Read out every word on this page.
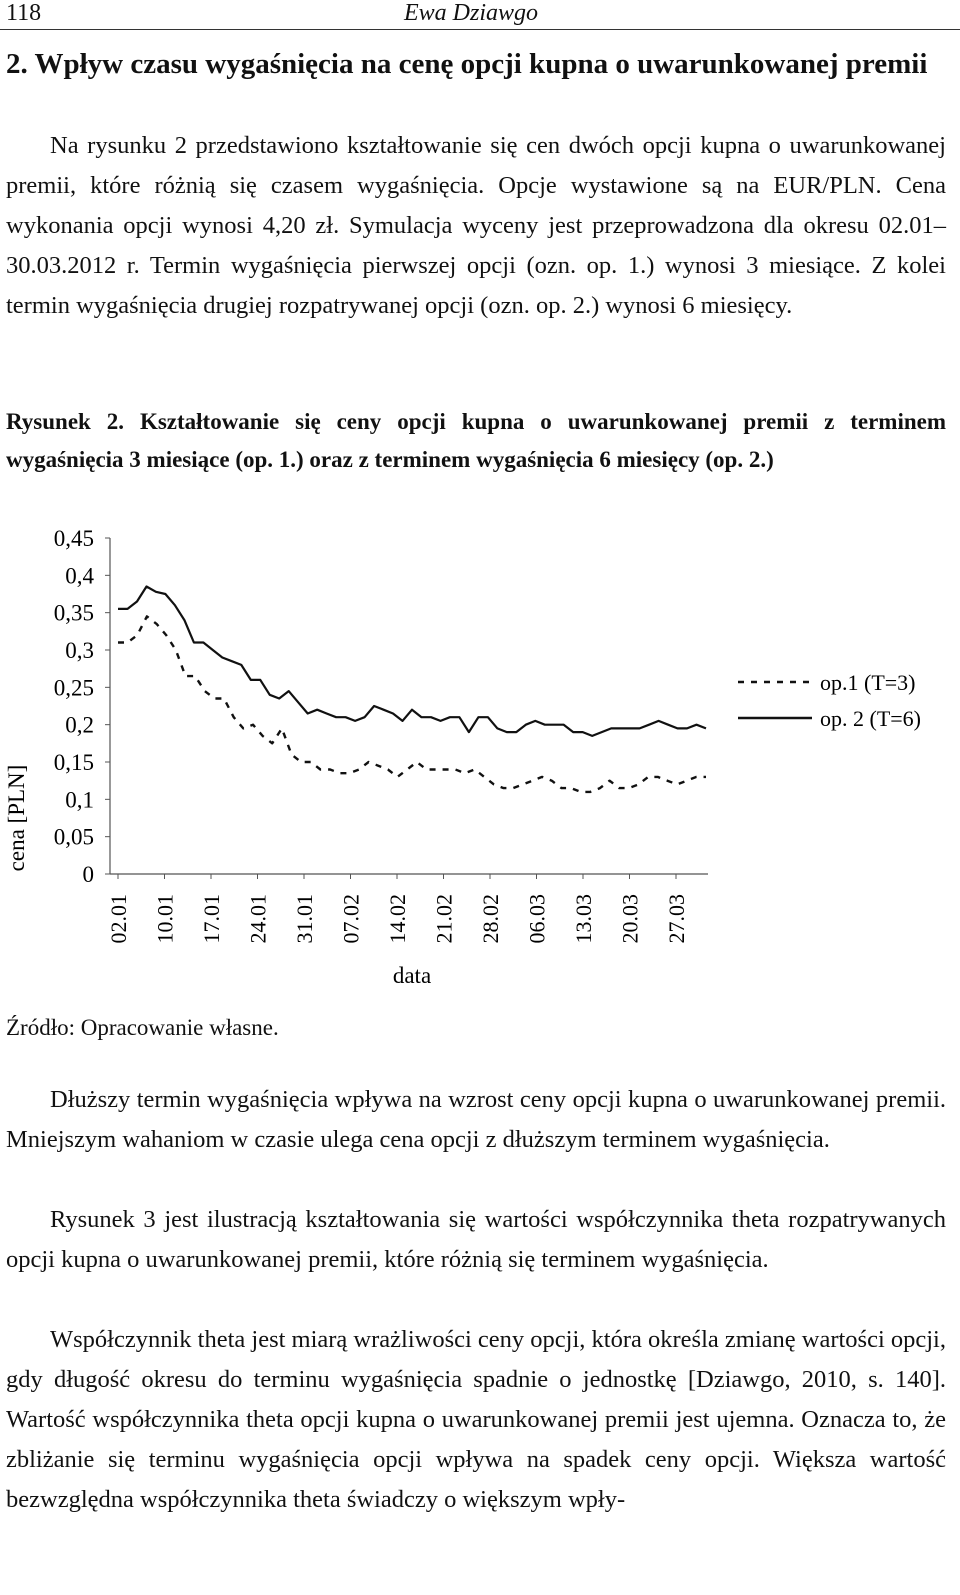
118	Ewa Dziawgo
2. Wpływ czasu wygaśnięcia na cenę opcji kupna o uwarunkowanej premii

Na rysunku 2 przedstawiono kształtowanie się cen dwóch opcji kupna o uwarunkowanej premii, które różnią się czasem wygaśnięcia. Opcje wystawione są na EUR/PLN. Cena wykonania opcji wynosi 4,20 zł. Symulacja wyceny jest przeprowadzona dla okresu 02.01–30.03.2012 r. Termin wygaśnięcia pierwszej opcji (ozn. op. 1.) wynosi 3 miesiące. Z kolei termin wygaśnięcia drugiej rozpatrywanej opcji (ozn. op. 2.) wynosi 6 miesięcy.

Rysunek 2. Kształtowanie się ceny opcji kupna o uwarunkowanej premii z terminem wygaśnięcia 3 miesiące (op. 1.) oraz z terminem wygaśnięcia 6 miesięcy (op. 2.)

0
0,05
0,1
0,15
0,2
0,25
0,3
0,35
0,4
0,45
02.01 10.01 17.01 24.01 31.01 07.02 14.02 21.02 28.02 06.03 13.03 20.03 27.03
op.1 (T=3)
op. 2 (T=6)
cena [PLN]
data

Źródło: Opracowanie własne.

Dłuższy termin wygaśnięcia wpływa na wzrost ceny opcji kupna o uwarunkowanej premii. Mniejszym wahaniom w czasie ulega cena opcji z dłuższym terminem wygaśnięcia.

Rysunek 3 jest ilustracją kształtowania się wartości współczynnika theta rozpatrywanych opcji kupna o uwarunkowanej premii, które różnią się terminem wygaśnięcia.

Współczynnik theta jest miarą wrażliwości ceny opcji, która określa zmianę wartości opcji, gdy długość okresu do terminu wygaśnięcia spadnie o jednostkę [Dziawgo, 2010, s. 140]. Wartość współczynnika theta opcji kupna o uwarunkowanej premii jest ujemna. Oznacza to, że zbliżanie się terminu wygaśnięcia opcji wpływa na spadek ceny opcji. Większa wartość bezwzględna współczynnika theta świadczy o większym wpły-
